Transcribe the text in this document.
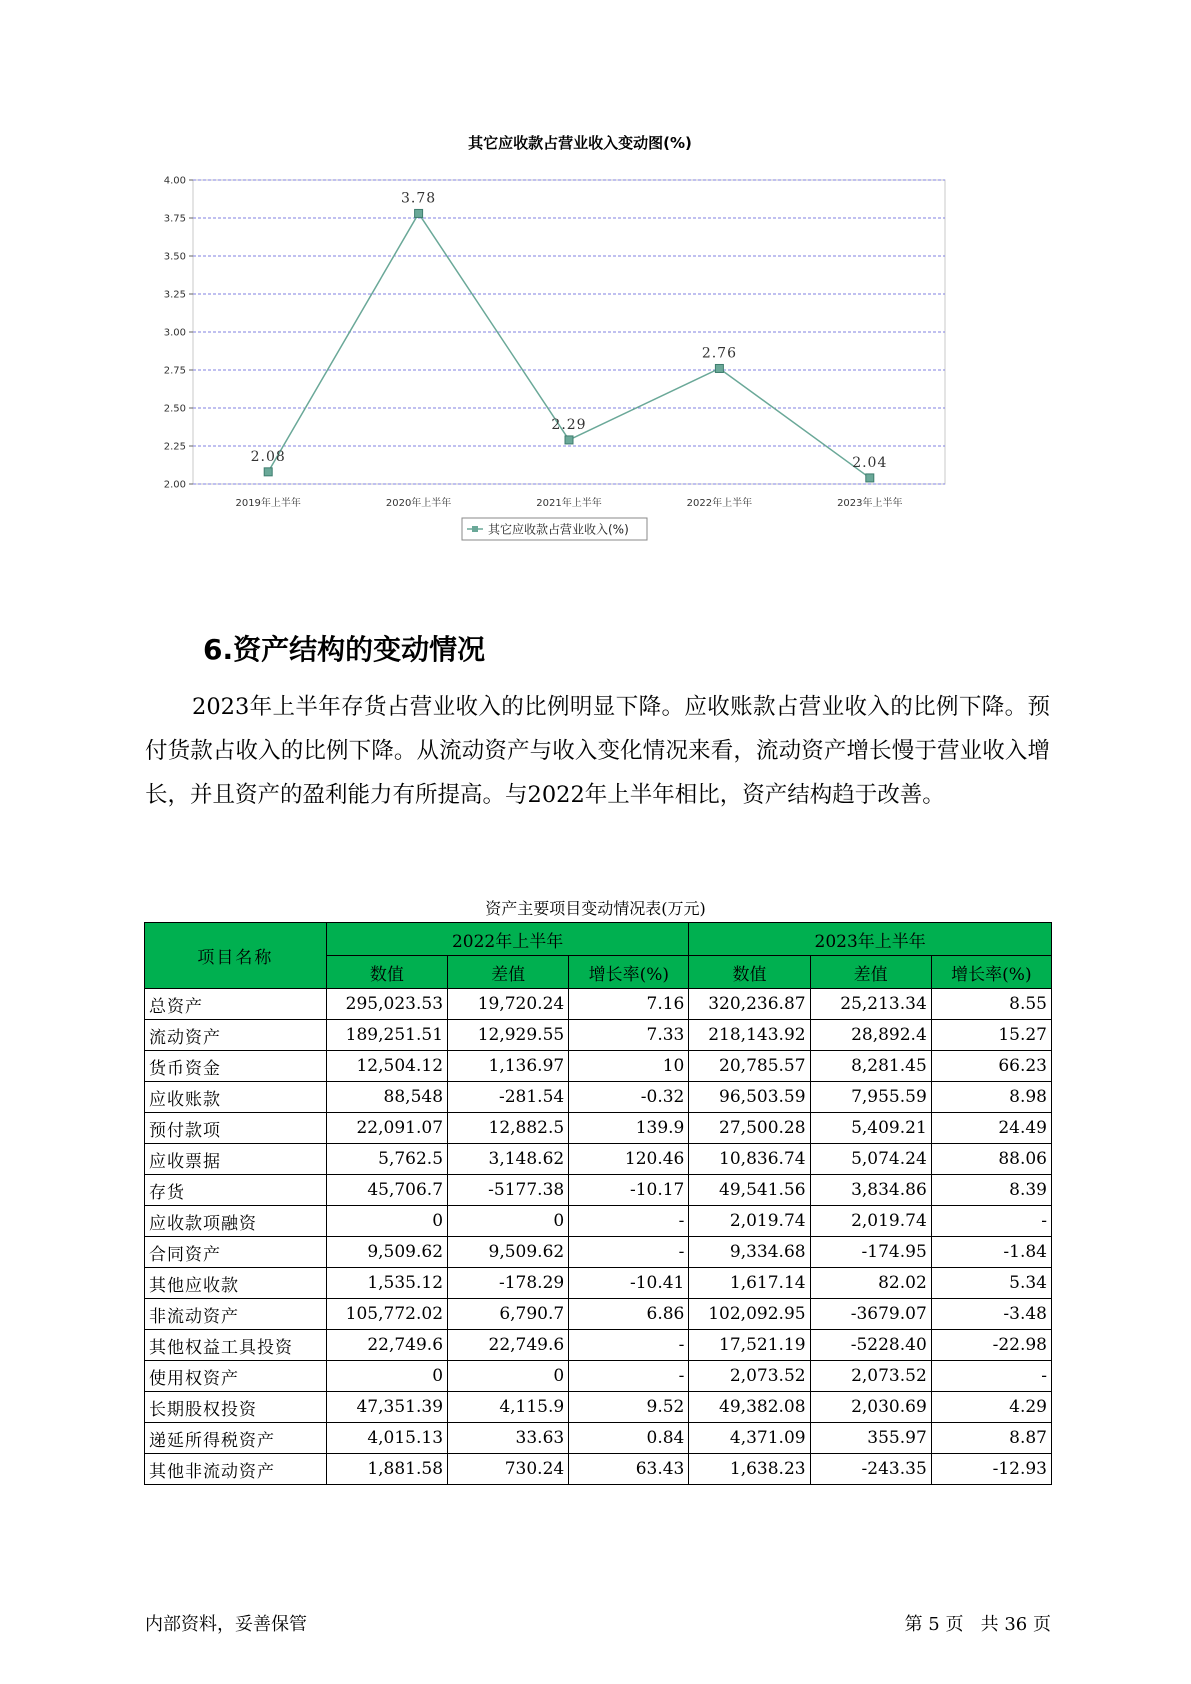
其它应收款占营业收入变动图(%)
2.00
2.25
2.50
2.75
3.00
3.25
3.50
3.75
4.00
2019年上半年	2020年上半年	2021年上半年	2022年上半年	2023年上半年
2.08
3.78
2.29
2.76
2.04
其它应收款占营业收入(%)
6.资产结构的变动情况

2023年上半年存货占营业收入的比例明显下降。应收账款占营业收入的比例下降。预付货款占收入的比例下降。从流动资产与收入变化情况来看，流动资产增长慢于营业收入增长，并且资产的盈利能力有所提高。与2022年上半年相比，资产结构趋于改善。

资产主要项目变动情况表(万元)
项目名称	2022年上半年			2023年上半年		
	数值	差值	增长率(%)	数值	差值	增长率(%)
总资产	295,023.53	19,720.24	7.16	320,236.87	25,213.34	8.55
流动资产	189,251.51	12,929.55	7.33	218,143.92	28,892.4	15.27
货币资金	12,504.12	1,136.97	10	20,785.57	8,281.45	66.23
应收账款	88,548	-281.54	-0.32	96,503.59	7,955.59	8.98
预付款项	22,091.07	12,882.5	139.9	27,500.28	5,409.21	24.49
应收票据	5,762.5	3,148.62	120.46	10,836.74	5,074.24	88.06
存货	45,706.7	-5177.38	-10.17	49,541.56	3,834.86	8.39
应收款项融资	0	0	-	2,019.74	2,019.74	-
合同资产	9,509.62	9,509.62	-	9,334.68	-174.95	-1.84
其他应收款	1,535.12	-178.29	-10.41	1,617.14	82.02	5.34
非流动资产	105,772.02	6,790.7	6.86	102,092.95	-3679.07	-3.48
其他权益工具投资	22,749.6	22,749.6	-	17,521.19	-5228.40	-22.98
使用权资产	0	0	-	2,073.52	2,073.52	-
长期股权投资	47,351.39	4,115.9	9.52	49,382.08	2,030.69	4.29
递延所得税资产	4,015.13	33.63	0.84	4,371.09	355.97	8.87
其他非流动资产	1,881.58	730.24	63.43	1,638.23	-243.35	-12.93
内部资料，妥善保管	第 5 页   共 36 页
